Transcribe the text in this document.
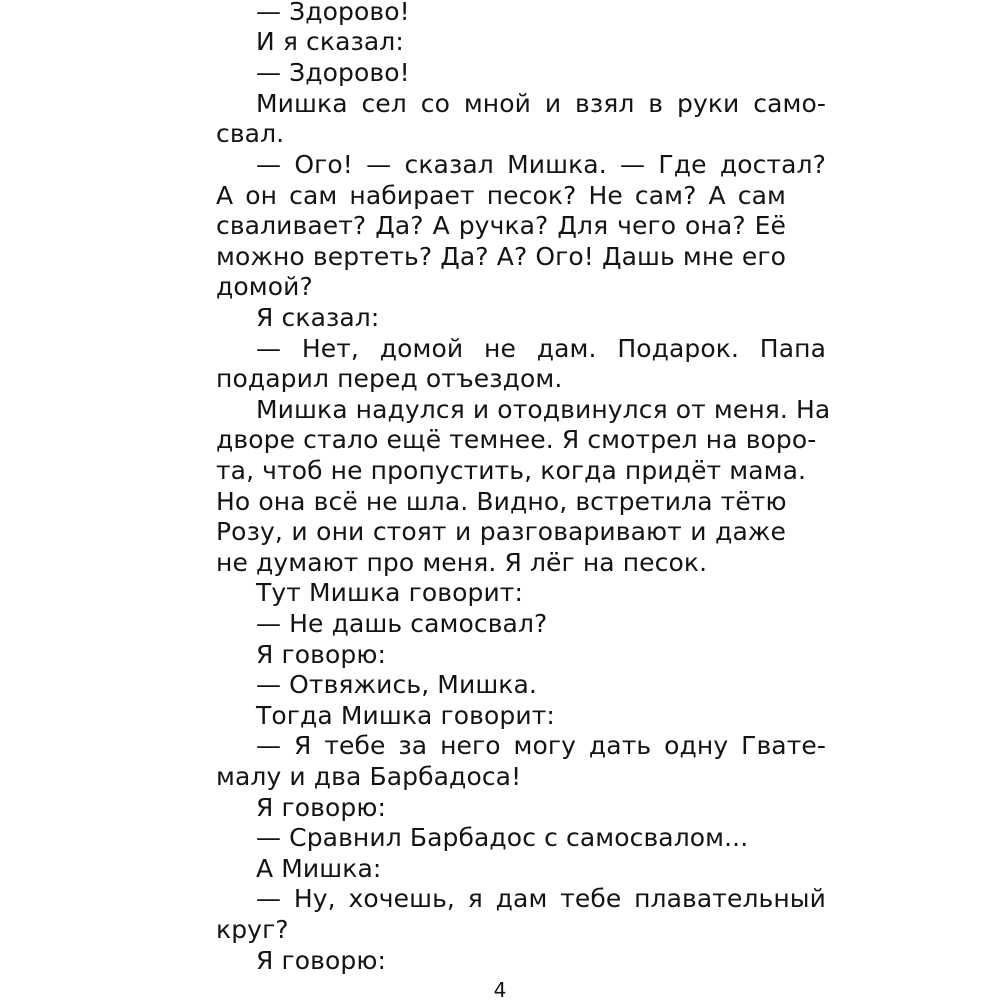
— Здорово!
И я сказал:
— Здорово!
Мишка сел со мной и взял в руки само-
свал.
— Ого! — сказал Мишка. — Где достал?
А он сам набирает песок? Не сам? А сам
сваливает? Да? А ручка? Для чего она? Её
можно вертеть? Да? А? Ого! Дашь мне его
домой?
Я сказал:
— Нет, домой не дам. Подарок. Папа
подарил перед отъездом.
Мишка надулся и отодвинулся от меня. На
дворе стало ещё темнее. Я смотрел на воро-
та, чтоб не пропустить, когда придёт мама.
Но она всё не шла. Видно, встретила тётю
Розу, и они стоят и разговаривают и даже
не думают про меня. Я лёг на песок.
Тут Мишка говорит:
— Не дашь самосвал?
Я говорю:
— Отвяжись, Мишка.
Тогда Мишка говорит:
— Я тебе за него могу дать одну Гвате-
малу и два Барбадоса!
Я говорю:
— Сравнил Барбадос с самосвалом...
А Мишка:
— Ну, хочешь, я дам тебе плавательный
круг?
Я говорю:
4
